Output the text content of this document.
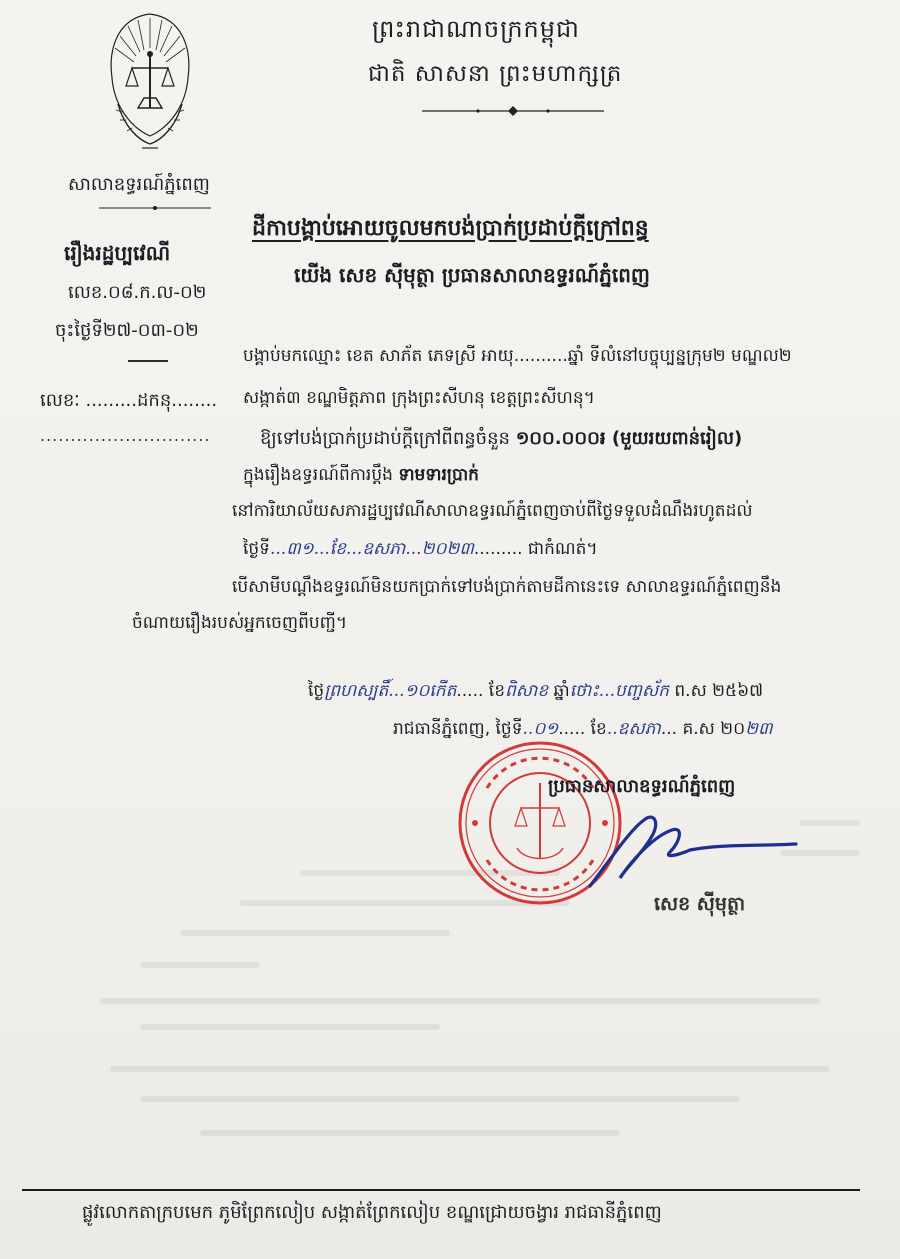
ព្រះរាជាណាចក្រកម្ពុជា
ជាតិ សាសនា ព្រះមហាក្សត្រ
សាលាឧទ្ធរណ៍ភ្នំពេញ
ដីកាបង្គាប់អោយចូលមកបង់ប្រាក់ប្រដាប់ក្តីក្រៅពន្ធ
យើង សេខ ស៊ីមុត្ថា ប្រធានសាលាឧទ្ធរណ៍ភ្នំពេញ
រឿងរដ្ឋប្បវេណី
លេខ.០៨.ក.ល-០២
ចុះថ្ងៃទី២៧-០៣-០២
លេខៈ .........ដកនុ........
............................
បង្គាប់មកឈ្មោះ ខេត សាភ័ត ភេទស្រី អាយុ..........ឆ្នាំ ទីលំនៅបច្ចុប្បន្នក្រុម២ មណ្ឌល២
សង្កាត់៣ ខណ្ឌមិត្តភាព ក្រុងព្រះសីហនុ ខេត្តព្រះសីហនុ។
ឱ្យទៅបង់ប្រាក់ប្រដាប់ក្តីក្រៅពីពន្ធចំនួន ១០០.០០០៛ (មួយរយពាន់រៀល)
ក្នុងរឿងឧទ្ធរណ៍ពីការប្តឹង ទាមទារប្រាក់
នៅការិយាល័យសភារដ្ឋប្បវេណីសាលាឧទ្ធរណ៍ភ្នំពេញចាប់ពីថ្ងៃទទួលដំណឹងរហូតដល់
ថ្ងៃទី...៣១...ខែ...ឧសភា...២០២៣......... ជាកំណត់។
បើសាមីបណ្តឹងឧទ្ធរណ៍មិនយកប្រាក់ទៅបង់ប្រាក់តាមដីកានេះទេ សាលាឧទ្ធរណ៍ភ្នំពេញនឹង
ចំណាយរឿងរបស់អ្នកចេញពីបញ្ជី។
ថ្ងៃព្រហស្បតិ៍...១០កើត..... ខែពិសាខ ឆ្នាំថោះ...បញ្ចស័ក ព.ស ២៥៦៧
រាជធានីភ្នំពេញ, ថ្ងៃទី..០១..... ខែ..ឧសភា... គ.ស ២០២៣
ប្រធានសាលាឧទ្ធរណ៍ភ្នំពេញ
សេខ ស៊ីមុត្ថា
ផ្លូវលោកតាក្របមេក ភូមិព្រែកលៀប សង្កាត់ព្រែកលៀប ខណ្ឌជ្រោយចង្វារ រាជធានីភ្នំពេញ
